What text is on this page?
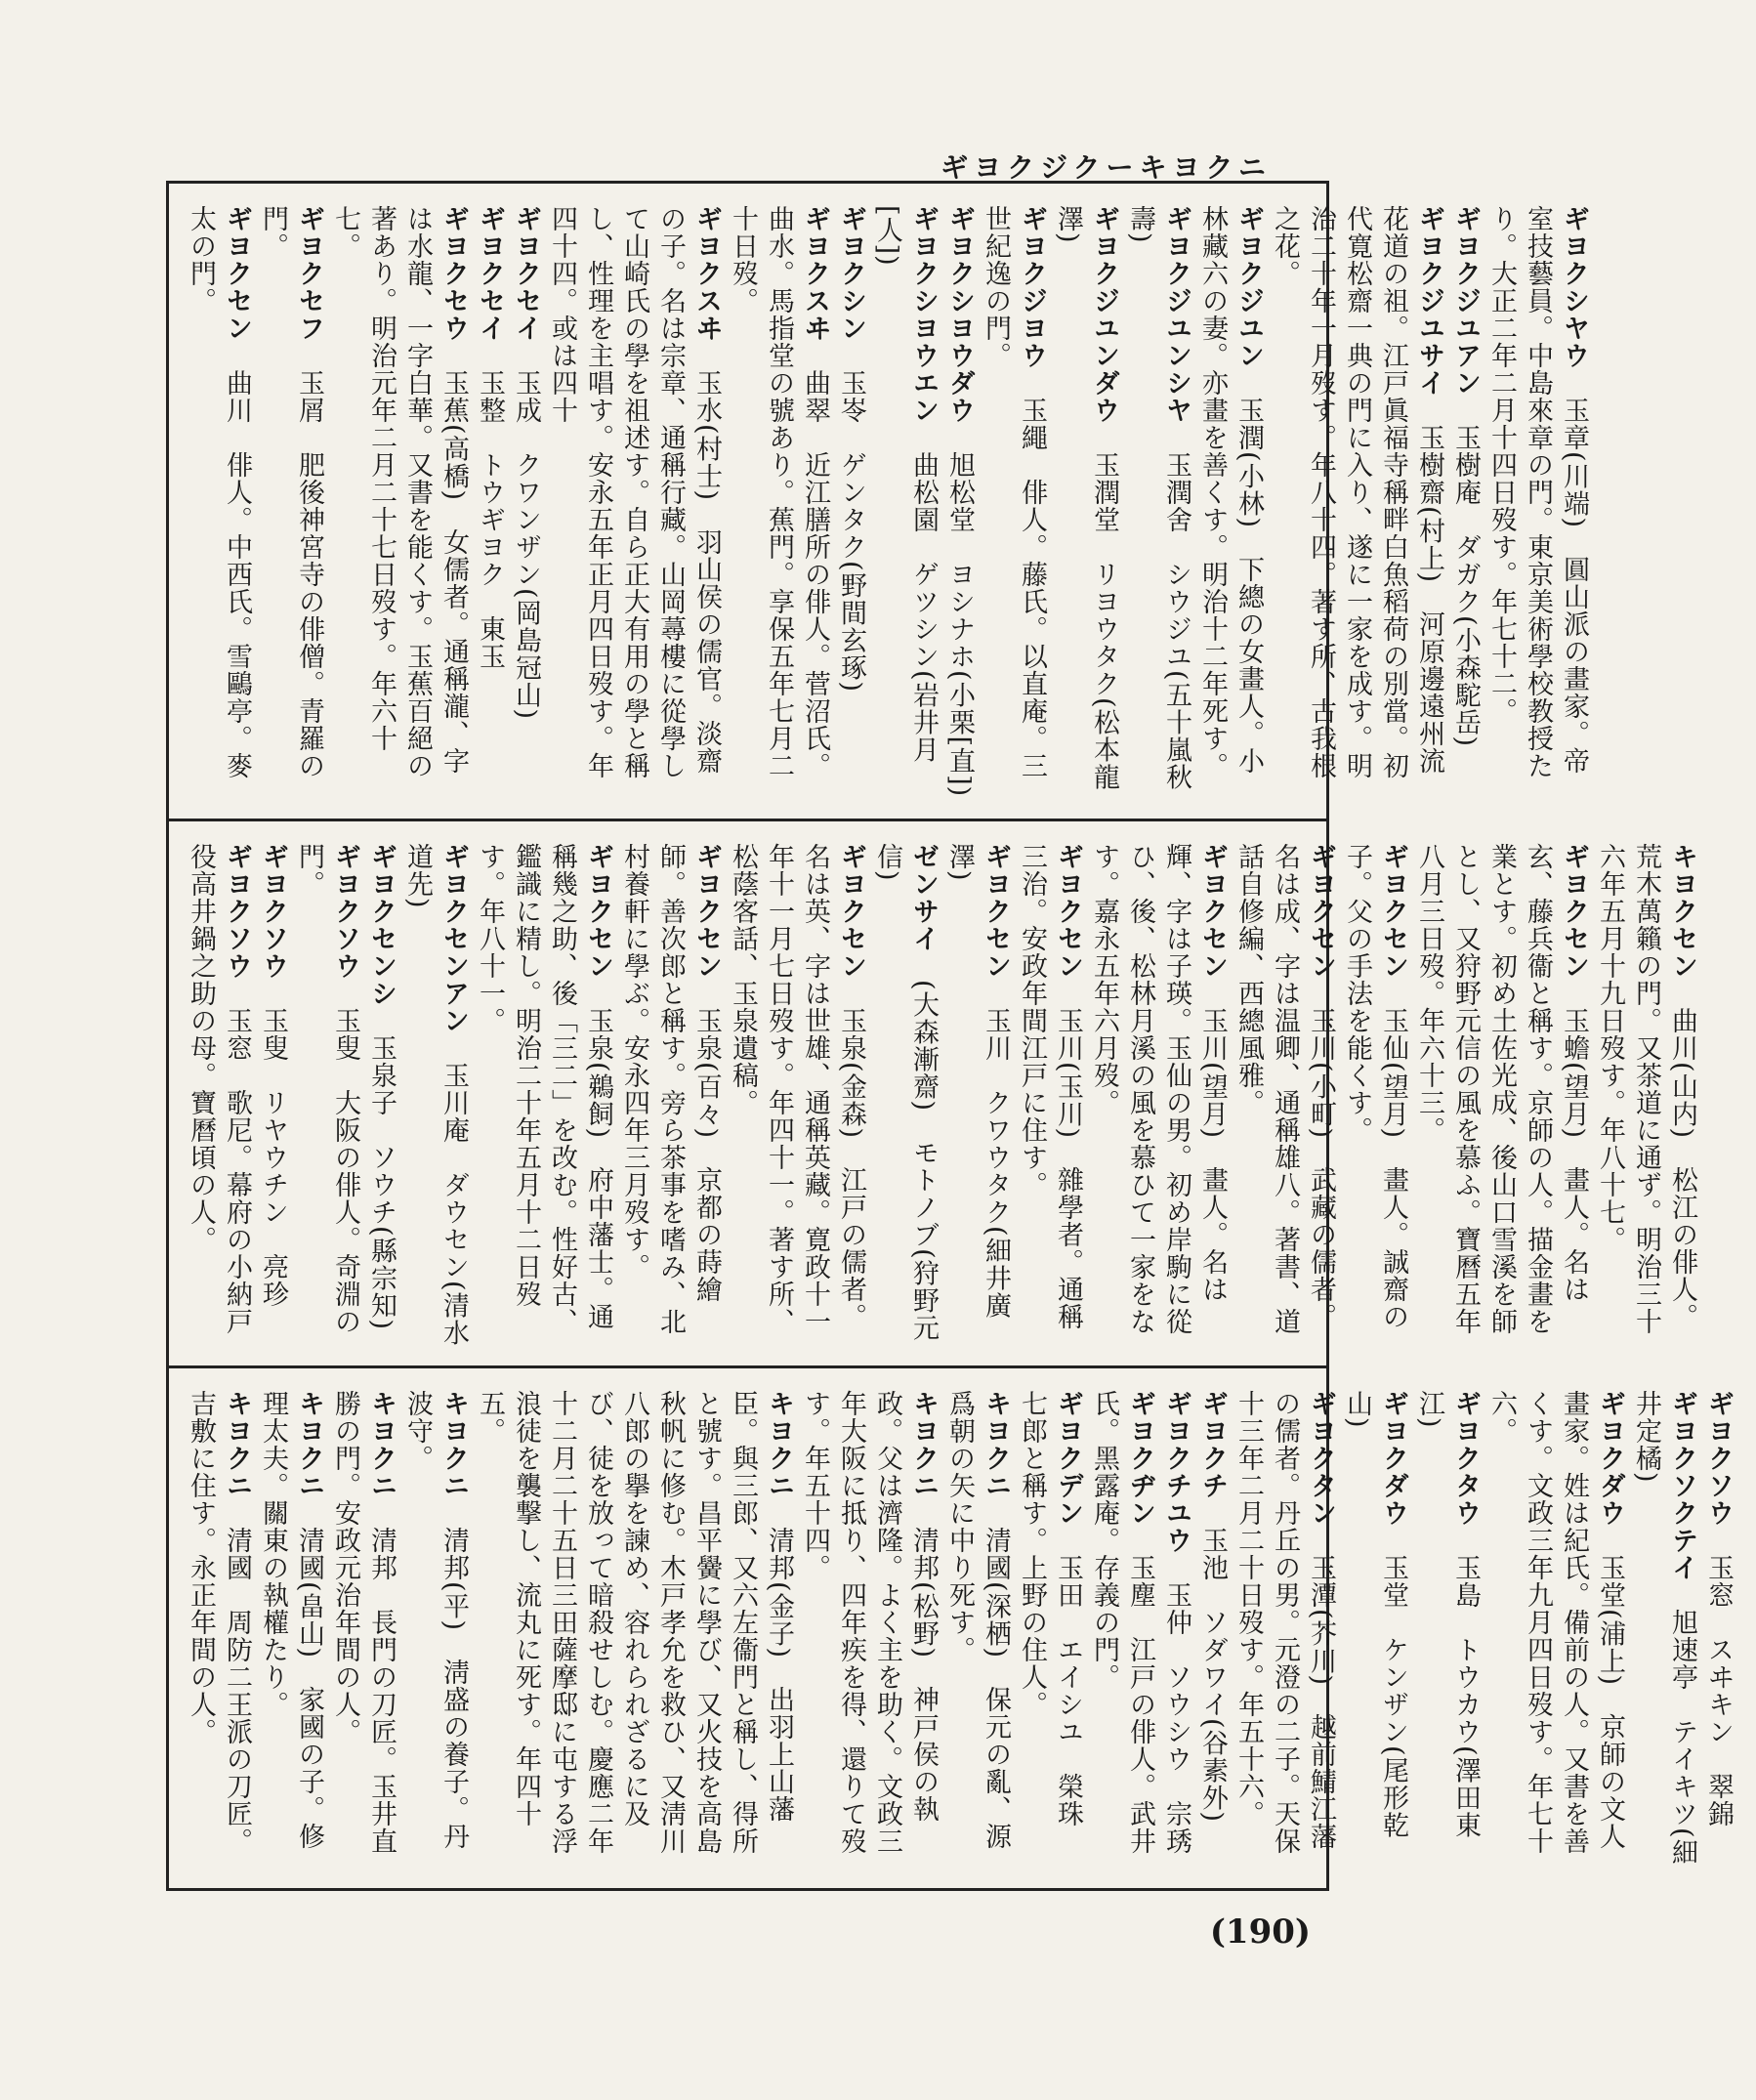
ギヨクジクーキヨクニ

ギヨクシヤウ　玉章(川端)　圓山派の畫家。帝室技藝員。中島來章の門。東京美術學校教授たり。大正二年二月十四日歿す。年七十二。

ギヨクジユアン　玉樹庵　ダガク(小森駝岳)

ギヨクジユサイ　玉樹齋(村上)　河原邊遠州流花道の祖。江戸眞福寺稱畔白魚稻荷の別當。初代寛松齋一典の門に入り、遂に一家を成す。明治二十年一月歿す。年八十四。著す所、古我根之花。

ギヨクジユン　玉潤(小林)　下總の女畫人。小林藏六の妻。亦畫を善くす。明治十二年死す。

ギヨクジユンシヤ　玉潤舍　シウジユ(五十嵐秋壽)

ギヨクジユンダウ　玉潤堂　リヨウタク(松本龍澤)

ギヨクジヨウ　玉繩　俳人。藤氏。以直庵。三世紀逸の門。

ギヨクシヨウダウ　旭松堂　ヨシナホ(小栗[直])

ギヨクシヨウエン　曲松園　ゲツシン(岩井月[人])

ギヨクシン　玉岺　ゲンタク(野間玄琢)

ギヨクスヰ　曲翠　近江膳所の俳人。菅沼氏。曲水。馬指堂の號あり。蕉門。享保五年七月二十日歿。

ギヨクスヰ　玉水(村士)　羽山侯の儒官。淡齋の子。名は宗章、通稱行藏。山岡蕁樓に從學して山崎氏の學を祖述す。自ら正大有用の學と稱し、性理を主唱す。安永五年正月四日歿す。年四十四。或は四十

ギヨクセイ　玉成　クワンザン(岡島冠山)

ギヨクセイ　玉整　トウギヨク　東玉

ギヨクセウ　玉蕉(高橋)　女儒者。通稱瀧、字は水龍、一字白華。又書を能くす。玉蕉百絕の著あり。明治元年二月二十七日歿す。年六十七。

ギヨクセフ　玉屑　肥後神宮寺の俳僧。青羅の門。

ギヨクセン　曲川　俳人。中西氏。雪鷗亭。麥太の門。

キヨクセン　曲川(山内)　松江の俳人。荒木萬籟の門。又茶道に通ず。明治三十六年五月十九日歿す。年八十七。

ギヨクセン　玉蟾(望月)　畫人。名は玄、藤兵衞と稱す。京師の人。描金畫を業とす。初め土佐光成、後山口雪溪を師とし、又狩野元信の風を慕ふ。寶曆五年八月三日歿。年六十三。

ギヨクセン　玉仙(望月)　畫人。誠齋の子。父の手法を能くす。

ギヨクセン　玉川(小町)　武藏の儒者。名は成、字は温卿、通稱雄八。著書、道話自修編、西總風雅。

ギヨクセン　玉川(望月)　畫人。名は輝、字は子瑛。玉仙の男。初め岸駒に從ひ、後、松林月溪の風を慕ひて一家をなす。嘉永五年六月歿。

ギヨクセン　玉川(玉川)　雜學者。通稱三治。安政年間江戸に住す。

ギヨクセン　玉川　クワウタク(細井廣澤)

ゼンサイ　(大森漸齋)　モトノブ(狩野元信)

ギヨクセン　玉泉(金森)　江戸の儒者。名は英、字は世雄、通稱英藏。寛政十一年十一月七日歿す。年四十一。著す所、松蔭客話、玉泉遺稿。

ギヨクセン　玉泉(百々)　京都の蒔繪師。善次郎と稱す。旁ら茶事を嗜み、北村養軒に學ぶ。安永四年三月歿す。

ギヨクセン　玉泉(鵜飼)　府中藩士。通稱幾之助、後「三二」を改む。性好古、鑑識に精し。明治二十年五月十二日歿す。年八十一。

ギヨクセンアン　玉川庵　ダウセン(清水道先)

ギヨクセンシ　玉泉子　ソウチ(縣宗知)

ギヨクソウ　玉叟　大阪の俳人。奇淵の門。

ギヨクソウ　玉叟　リヤウチン　亮珍

ギヨクソウ　玉窓　歌尼。幕府の小納戸役高井鍋之助の母。寶曆頃の人。

ギヨクソウ　玉窓　スヰキン　翠錦

ギヨクソクテイ　旭速亭　テイキツ(細井定橘)

ギヨクダウ　玉堂(浦上)　京師の文人畫家。姓は紀氏。備前の人。又書を善くす。文政三年九月四日歿す。年七十六。

ギヨクタウ　玉島　トウカウ(澤田東江)

ギヨクダウ　玉堂　ケンザン(尾形乾山)

ギヨクタン　玉潭(芥川)　越前鯖江藩の儒者。丹丘の男。元澄の二子。天保十三年二月二十日歿す。年五十六。

ギヨクチ　玉池　ソダワイ(谷素外)

ギヨクチユウ　玉仲　ソウシウ　宗琇

ギヨクヂン　玉塵　江戸の俳人。武井氏。黑露庵。存義の門。

ギヨクデン　玉田　エイシユ　榮珠　七郎と稱す。上野の住人。

キヨクニ　清國(深栖)　保元の亂、源爲朝の矢に中り死す。

キヨクニ　清邦(松野)　神戸侯の執政。父は濟隆。よく主を助く。文政三年大阪に抵り、四年疾を得、還りて歿す。年五十四。

キヨクニ　清邦(金子)　出羽上山藩臣。與三郎、又六左衞門と稱し、得所と號す。昌平黌に學び、又火技を高島秋帆に修む。木戸孝允を救ひ、又淸川八郎の擧を諫め、容れられざるに及び、徒を放って暗殺せしむ。慶應二年十二月二十五日三田薩摩邸に屯する浮浪徒を襲撃し、流丸に死す。年四十五。

キヨクニ　清邦(平)　淸盛の養子。丹波守。

キヨクニ　清邦　長門の刀匠。玉井直勝の門。安政元治年間の人。

キヨクニ　清國(畠山)　家國の子。修理太夫。關東の執權たり。

キヨクニ　清國　周防二王派の刀匠。吉敷に住す。永正年間の人。

(190)
